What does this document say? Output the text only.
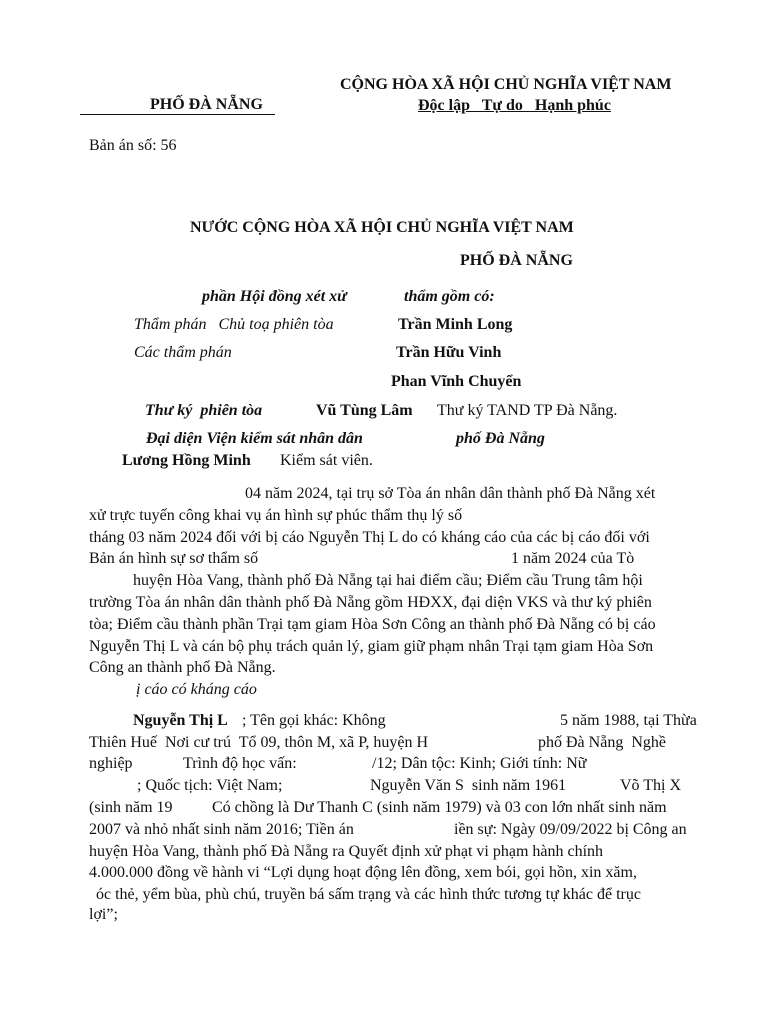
PHỐ ĐÀ NẴNG
CỘNG HÒA XÃ HỘI CHỦ NGHĨA VIỆT NAM
Độc lập   Tự do   Hạnh phúc
Bản án số: 56
NƯỚC CỘNG HÒA XÃ HỘI CHỦ NGHĨA VIỆT NAM
PHỐ ĐÀ NẴNG
phần Hội đồng xét xử	thẩm gồm có:
Thẩm phán   Chủ toạ phiên tòa	Trần Minh Long
Các thẩm phán	Trần Hữu Vinh
Phan Vĩnh Chuyển
Thư ký  phiên tòa	Vũ Tùng Lâm Thư ký TAND TP Đà Nẵng.
Đại diện Viện kiểm sát nhân dân	phố Đà Nẵng
Lương Hồng Minh Kiểm sát viên.
04 năm 2024, tại trụ sở Tòa án nhân dân thành phố Đà Nẵng xét
xử trực tuyến công khai vụ án hình sự phúc thẩm thụ lý số
tháng 03 năm 2024 đối với bị cáo Nguyễn Thị L do có kháng cáo của các bị cáo đối với
Bản án hình sự sơ thẩm số	1 năm 2024 của Tò
huyện Hòa Vang, thành phố Đà Nẵng tại hai điểm cầu; Điểm cầu Trung tâm hội
trường Tòa án nhân dân thành phố Đà Nẵng gồm HĐXX, đại diện VKS và thư ký phiên
tòa; Điểm cầu thành phần Trại tạm giam Hòa Sơn Công an thành phố Đà Nẵng có bị cáo
Nguyễn Thị L và cán bộ phụ trách quản lý, giam giữ phạm nhân Trại tạm giam Hòa Sơn
Công an thành phố Đà Nẵng.
ị cáo có kháng cáo
Nguyễn Thị L ; Tên gọi khác: Không	5 năm 1988, tại Thừa
Thiên Huế  Nơi cư trú  Tổ 09, thôn M, xã P, huyện H	phố Đà Nẵng  Nghề
nghiệp	Trình độ học vấn:	/12; Dân tộc: Kinh; Giới tính: Nữ
; Quốc tịch: Việt Nam;	Nguyễn Văn S  sinh năm 1961	Võ Thị X
(sinh năm 19 Có chồng là Dư Thanh C (sinh năm 1979) và 03 con lớn nhất sinh năm
2007 và nhỏ nhất sinh năm 2016; Tiền án	iền sự: Ngày 09/09/2022 bị Công an
huyện Hòa Vang, thành phố Đà Nẵng ra Quyết định xử phạt vi phạm hành chính
4.000.000 đồng về hành vi “Lợi dụng hoạt động lên đồng, xem bói, gọi hồn, xin xăm,
óc thẻ, yểm bùa, phù chú, truyền bá sấm trạng và các hình thức tương tự khác để trục
lợi”;
